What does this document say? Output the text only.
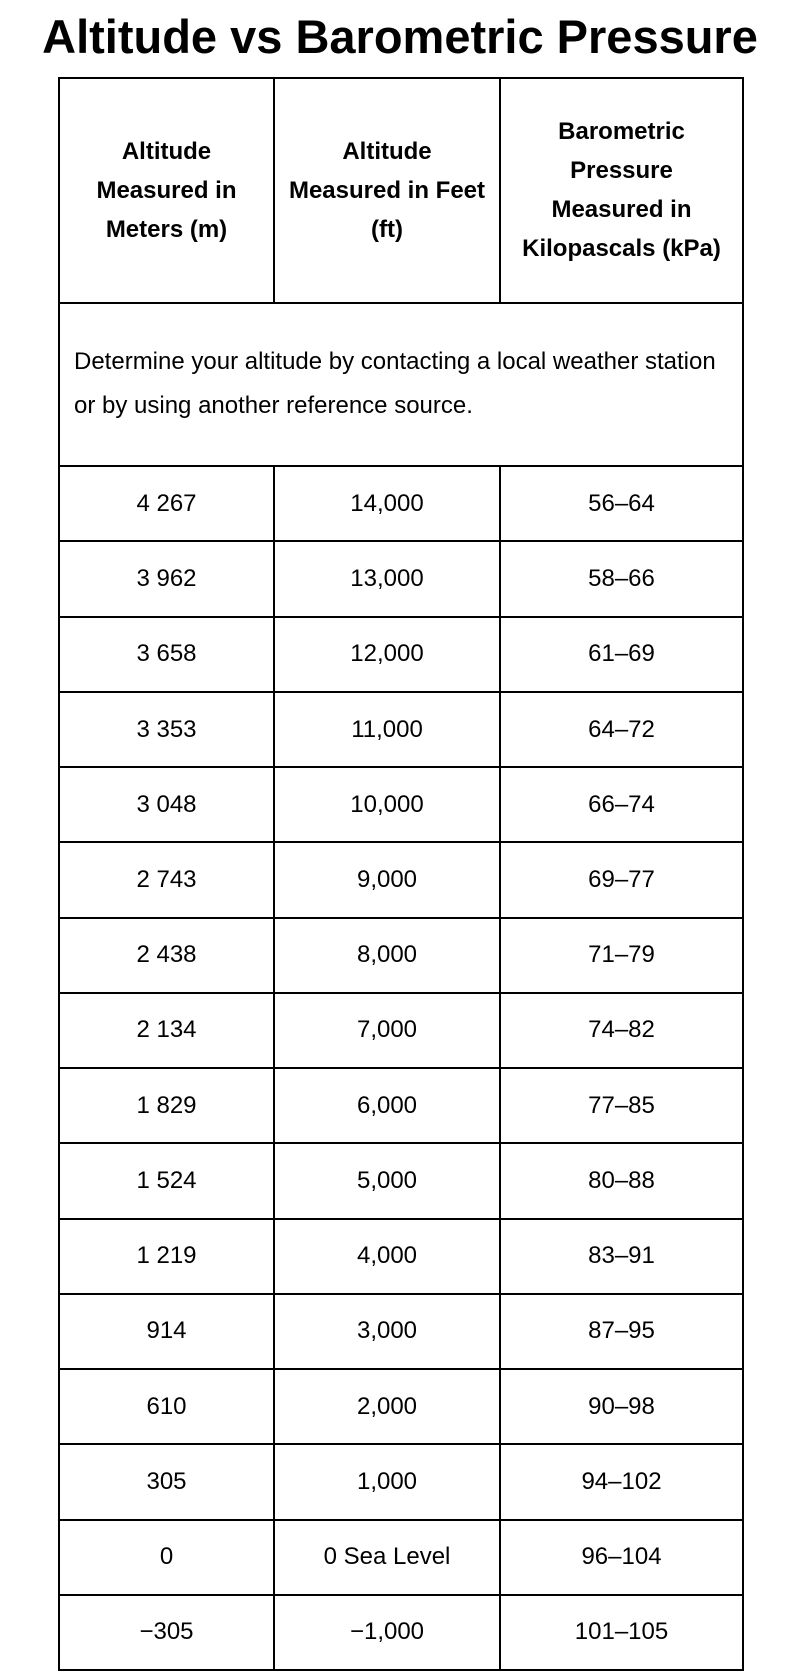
Altitude vs Barometric Pressure
Altitude Measured in Meters (m)	Altitude Measured in Feet (ft)	Barometric Pressure Measured in Kilopascals (kPa)
Determine your altitude by contacting a local weather station or by using another reference source.		
4 267	14,000	56–64
3 962	13,000	58–66
3 658	12,000	61–69
3 353	11,000	64–72
3 048	10,000	66–74
2 743	9,000	69–77
2 438	8,000	71–79
2 134	7,000	74–82
1 829	6,000	77–85
1 524	5,000	80–88
1 219	4,000	83–91
914	3,000	87–95
610	2,000	90–98
305	1,000	94–102
0	0 Sea Level	96–104
−305	−1,000	101–105
